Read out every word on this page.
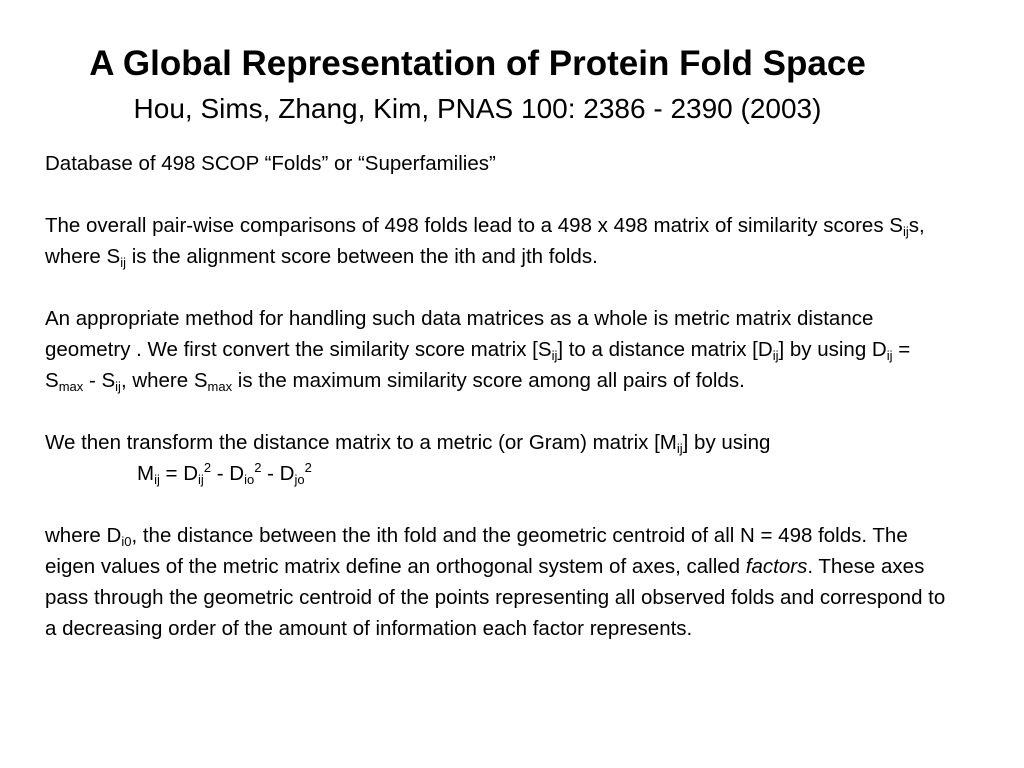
A Global Representation of Protein Fold Space
Hou, Sims, Zhang, Kim, PNAS 100: 2386 - 2390 (2003)

Database of 498 SCOP “Folds” or “Superfamilies”

The overall pair-wise comparisons of 498 folds lead to a 498 x 498 matrix of similarity scores $S_{ij}s$, where $S_{ij}$ is the alignment score between the ith and jth folds.

An appropriate method for handling such data matrices as a whole is metric matrix distance geometry . We first convert the similarity score matrix $[S_{ij}]$ to a distance matrix $[D_{ij}]$ by using $D_{ij} = S_{max} - S_{ij}$, where $S_{max}$ is the maximum similarity score among all pairs of folds.

We then transform the distance matrix to a metric (or Gram) matrix $[M_{ij}]$ by usingM$_{ij}$ = $D_{ij}^2 - D_{io}^2 - D_{jo}^2$

where $D_{i0}$, the distance between the ith fold and the geometric centroid of all N = 498 folds. The eigen values of the metric matrix define an orthogonal system of axes, called factors. These axes pass through the geometric centroid of the points representing all observed folds and correspond to a decreasing order of the amount of information each factor represents.
